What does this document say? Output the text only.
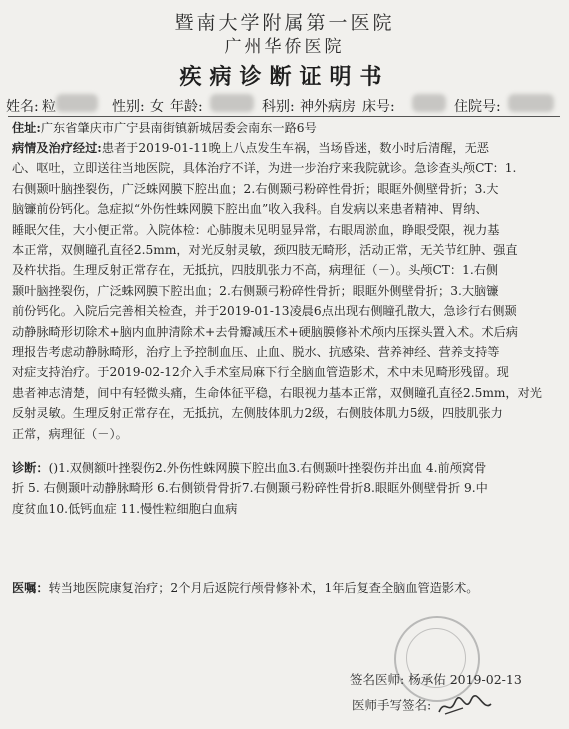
暨南大学附属第一医院
广州华侨医院
疾病诊断证明书
姓名: 粒	性别: 女 年龄:	科别: 神外病房 床号:	住院号:
住址:广东省肇庆市广宁县南街镇新城居委会南东一路6号
病情及治疗经过:患者于2019-01-11晚上八点发生车祸，当场昏迷，数小时后清醒，无恶
心、呕吐，立即送往当地医院，具体治疗不详，为进一步治疗来我院就诊。急诊查头颅CT：1.
右侧颞叶脑挫裂伤，广泛蛛网膜下腔出血；2.右侧颞弓粉碎性骨折；眼眶外侧壁骨折；3.大
脑镰前份钙化。急症拟“外伤性蛛网膜下腔出血”收入我科。自发病以来患者精神、胃纳、
睡眠欠佳，大小便正常。入院体检：心肺腹未见明显异常，右眼周淤血，睁眼受限，视力基
本正常，双侧瞳孔直径2.5mm，对光反射灵敏，颈四肢无畸形，活动正常，无关节红肿、强直
及杵状指。生理反射正常存在，无抵抗，四肢肌张力不高，病理征（－）。头颅CT：1.右侧
颞叶脑挫裂伤，广泛蛛网膜下腔出血；2.右侧颞弓粉碎性骨折；眼眶外侧壁骨折；3.大脑镰
前份钙化。入院后完善相关检查，并于2019-01-13凌晨6点出现右侧瞳孔散大，急诊行右侧颞
动静脉畸形切除术+脑内血肿清除术+去骨瓣减压术+硬脑膜修补术颅内压探头置入术。术后病
理报告考虑动静脉畸形，治疗上予控制血压、止血、脱水、抗感染、营养神经、营养支持等
对症支持治疗。于2019-02-12介入手术室局麻下行全脑血管造影术，术中未见畸形残留。现
患者神志清楚，间中有轻微头痛，生命体征平稳，右眼视力基本正常，双侧瞳孔直径2.5mm，对光
反射灵敏。生理反射正常存在，无抵抗，左侧肢体肌力2级，右侧肢体肌力5级，四肢肌张力
正常，病理征（－）。
诊断：()1.双侧额叶挫裂伤2.外伤性蛛网膜下腔出血3.右侧颞叶挫裂伤并出血 4.前颅窝骨
折 5. 右侧颞叶动静脉畸形 6.右侧锁骨骨折7.右侧颞弓粉碎性骨折8.眼眶外侧壁骨折 9.中
度贫血10.低钙血症 11.慢性粒细胞白血病
医嘱：转当地医院康复治疗；2个月后返院行颅骨修补术，1年后复查全脑血管造影术。
签名医师: 杨承佑 2019-02-13
医师手写签名:
